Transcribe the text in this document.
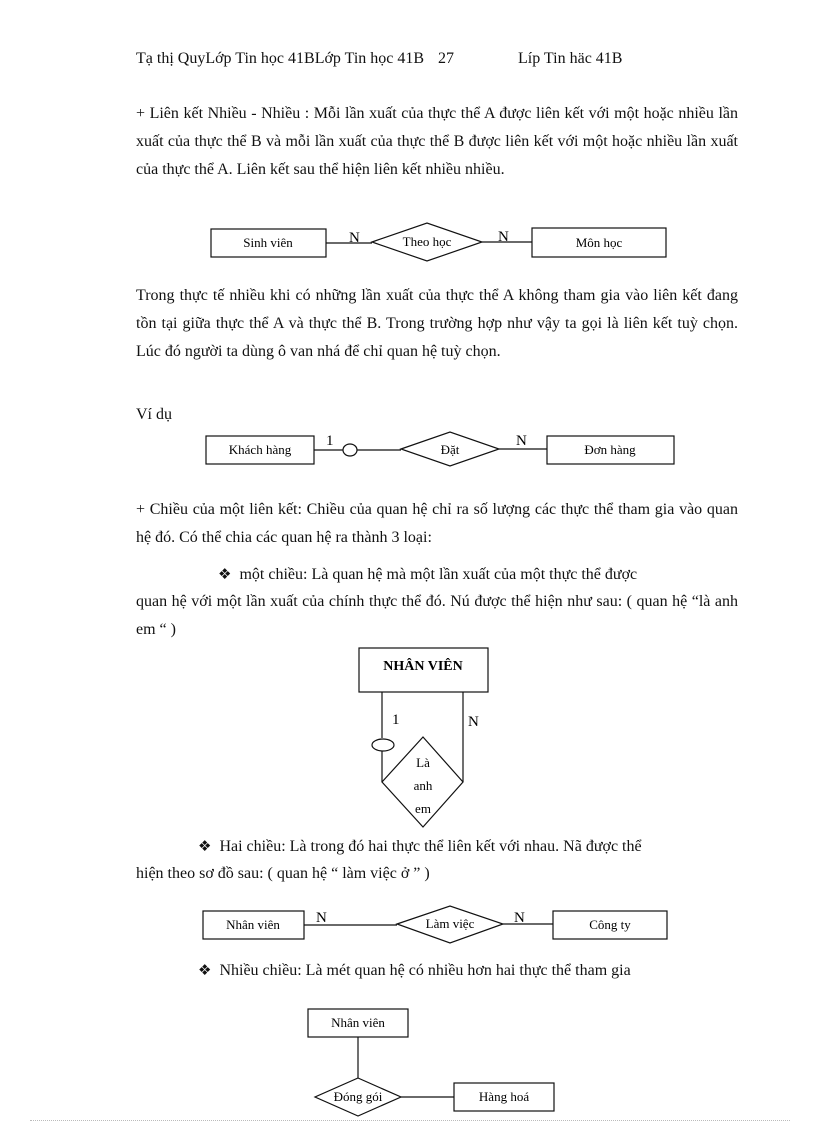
Tạ thị QuyLớp Tin học 41BLớp Tin học 41B 27	Líp Tin häc 41B
+ Liên kết Nhiều - Nhiều : Mỗi lần xuất của thực thể A được liên kết với một hoặc nhiều lần xuất của thực thể B và mỗi lần xuất của thực thể B được liên kết với một hoặc nhiều lần xuất của thực thể A. Liên kết sau thể hiện liên kết nhiều nhiều.
Trong thực tế nhiều khi có những lần xuất của thực thể A không tham gia vào liên kết đang tồn tại giữa thực thể A và thực thể B. Trong trường hợp như vậy ta gọi là liên kết tuỳ chọn. Lúc đó người ta dùng ô van nhá để chỉ quan hệ tuỳ chọn.
Ví dụ
+ Chiều của một liên kết: Chiều của quan hệ chỉ ra số lượng các thực thể tham gia vào quan hệ đó. Có thể chia các quan hệ ra thành 3 loại:
❖ một chiều: Là quan hệ mà một lần xuất của một thực thể được
quan hệ với một lần xuất của chính thực thể đó. Nú được thể hiện như sau: ( quan hệ “là anh em “ )
❖ Hai chiều: Là trong đó hai thực thể liên kết với nhau. Nã được thể
hiện theo sơ đồ sau: ( quan hệ “ làm việc ở ” )
❖ Nhiều chiều: Là mét quan hệ có nhiều hơn hai thực thể tham gia
Sinh viên	N	Theo học	N	Môn học
Khách hàng
1
Đặt
N
Đơn hàng
NHÂN VIÊN
1	N
Là
anh
em
Nhân viên N	Làm việc	N	Công ty
Nhân viên
Đóng gói	Hàng hoá
